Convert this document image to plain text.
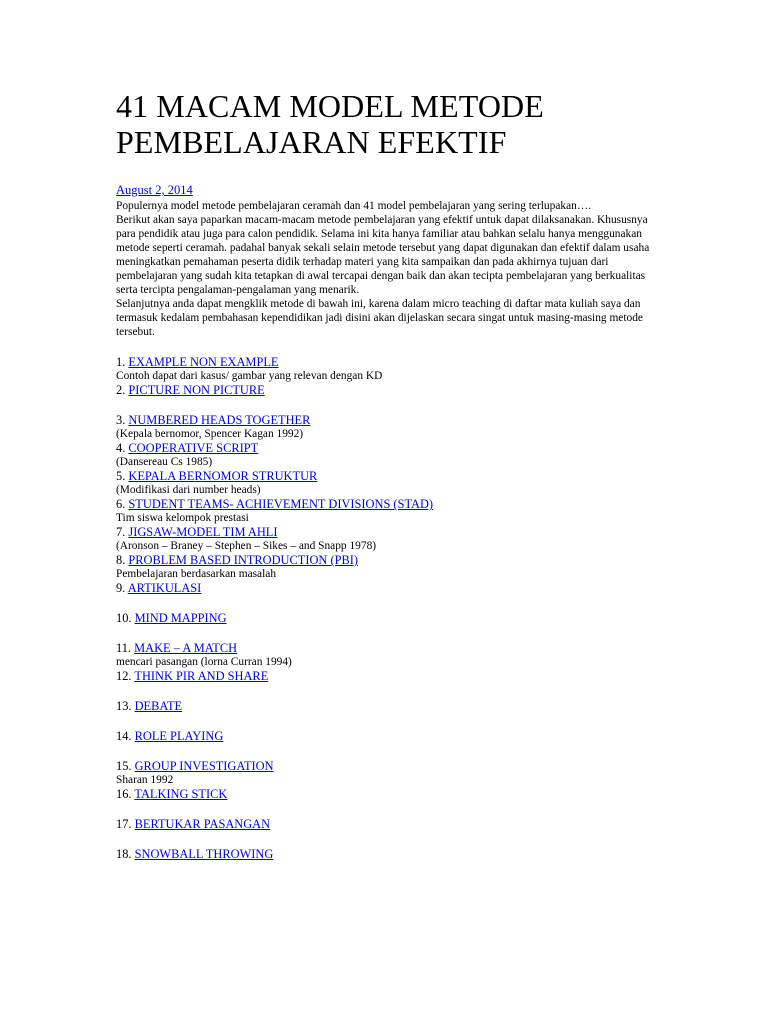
41 MACAM MODEL METODE PEMBELAJARAN EFEKTIF
August 2, 2014

Populernya model metode pembelajaran ceramah dan 41 model pembelajaran yang sering terlupakan….

Berikut akan saya paparkan macam-macam metode pembelajaran yang efektif untuk dapat dilaksanakan. Khususnya para pendidik atau juga para calon pendidik. Selama ini kita hanya familiar atau bahkan selalu hanya menggunakan metode seperti ceramah. padahal banyak sekali selain metode tersebut yang dapat digunakan dan efektif dalam usaha meningkatkan pemahaman peserta didik terhadap materi yang kita sampaikan dan pada akhirnya tujuan dari pembelajaran yang sudah kita tetapkan di awal tercapai dengan baik dan akan tecipta pembelajaran yang berkualitas serta tercipta pengalaman-pengalaman yang menarik.

Selanjutnya anda dapat mengklik metode di bawah ini, karena dalam micro teaching di daftar mata kuliah saya dan termasuk kedalam pembahasan kependidikan jadi disini akan dijelaskan secara singat untuk masing-masing metode tersebut.

1. EXAMPLE NON EXAMPLE
Contoh dapat dari kasus/ gambar yang relevan dengan KD
2. PICTURE NON PICTURE
3. NUMBERED HEADS TOGETHER
(Kepala bernomor, Spencer Kagan 1992)
4. COOPERATIVE SCRIPT
(Dansereau Cs 1985)
5. KEPALA BERNOMOR STRUKTUR
(Modifikasi dari number heads)
6. STUDENT TEAMS- ACHIEVEMENT DIVISIONS (STAD)
Tim siswa kelompok prestasi
7. JIGSAW-MODEL TIM AHLI
(Aronson – Braney – Stephen – Sikes – and Snapp 1978)
8. PROBLEM BASED INTRODUCTION (PBI)
Pembelajaran berdasarkan masalah
9. ARTIKULASI
10. MIND MAPPING
11. MAKE – A MATCH
mencari pasangan (lorna Curran 1994)
12. THINK PIR AND SHARE
13. DEBATE
14. ROLE PLAYING
15. GROUP INVESTIGATION
Sharan 1992
16. TALKING STICK
17. BERTUKAR PASANGAN
18. SNOWBALL THROWING
